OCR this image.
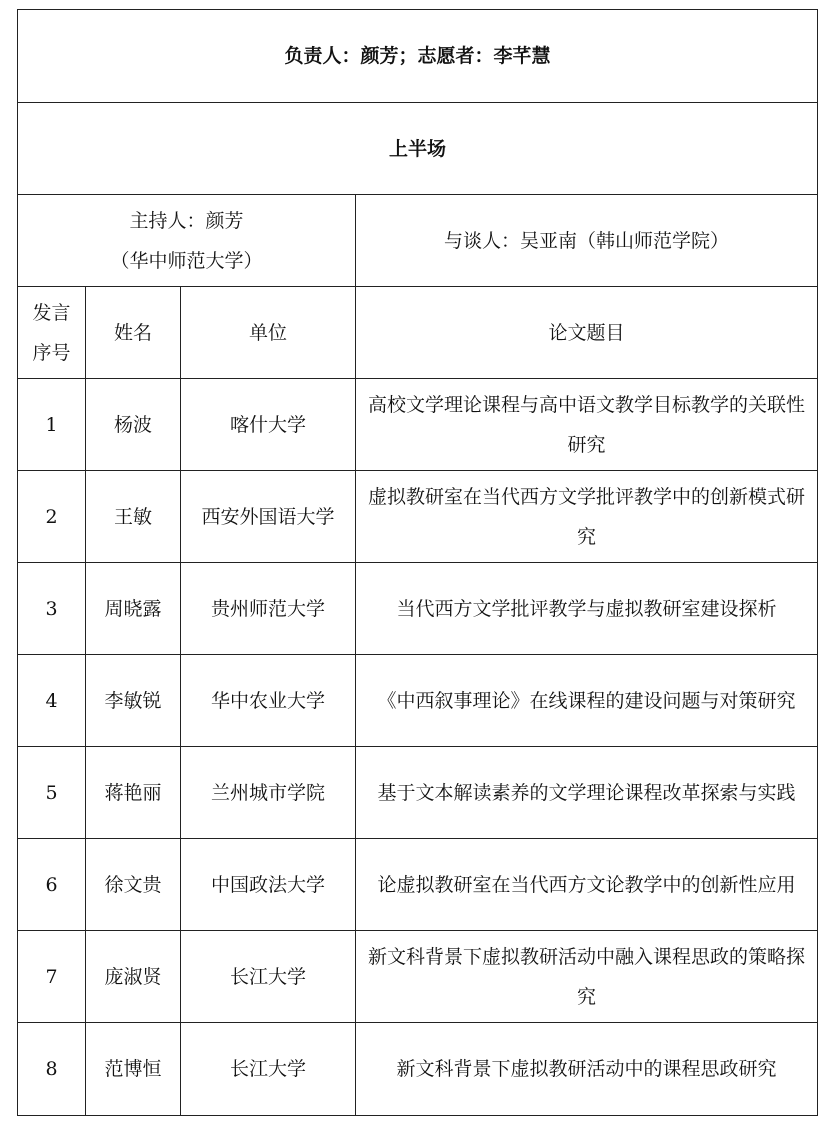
负责人：颜芳；志愿者：李芊慧			
上半场			

主持人：颜芳
（华中师范大学）			与谈人：吴亚南（韩山师范学院）

发言
序号	姓名	单位	论文题目
1	杨波	喀什大学	高校文学理论课程与高中语文教学目标教学的关联性研究
2	王敏	西安外国语大学	虚拟教研室在当代西方文学批评教学中的创新模式研究
3	周晓露	贵州师范大学	当代西方文学批评教学与虚拟教研室建设探析
4	李敏锐	华中农业大学	《中西叙事理论》在线课程的建设问题与对策研究
5	蒋艳丽	兰州城市学院	基于文本解读素养的文学理论课程改革探索与实践
6	徐文贵	中国政法大学	论虚拟教研室在当代西方文论教学中的创新性应用
7	庞淑贤	长江大学	新文科背景下虚拟教研活动中融入课程思政的策略探究
8	范博恒	长江大学	新文科背景下虚拟教研活动中的课程思政研究
